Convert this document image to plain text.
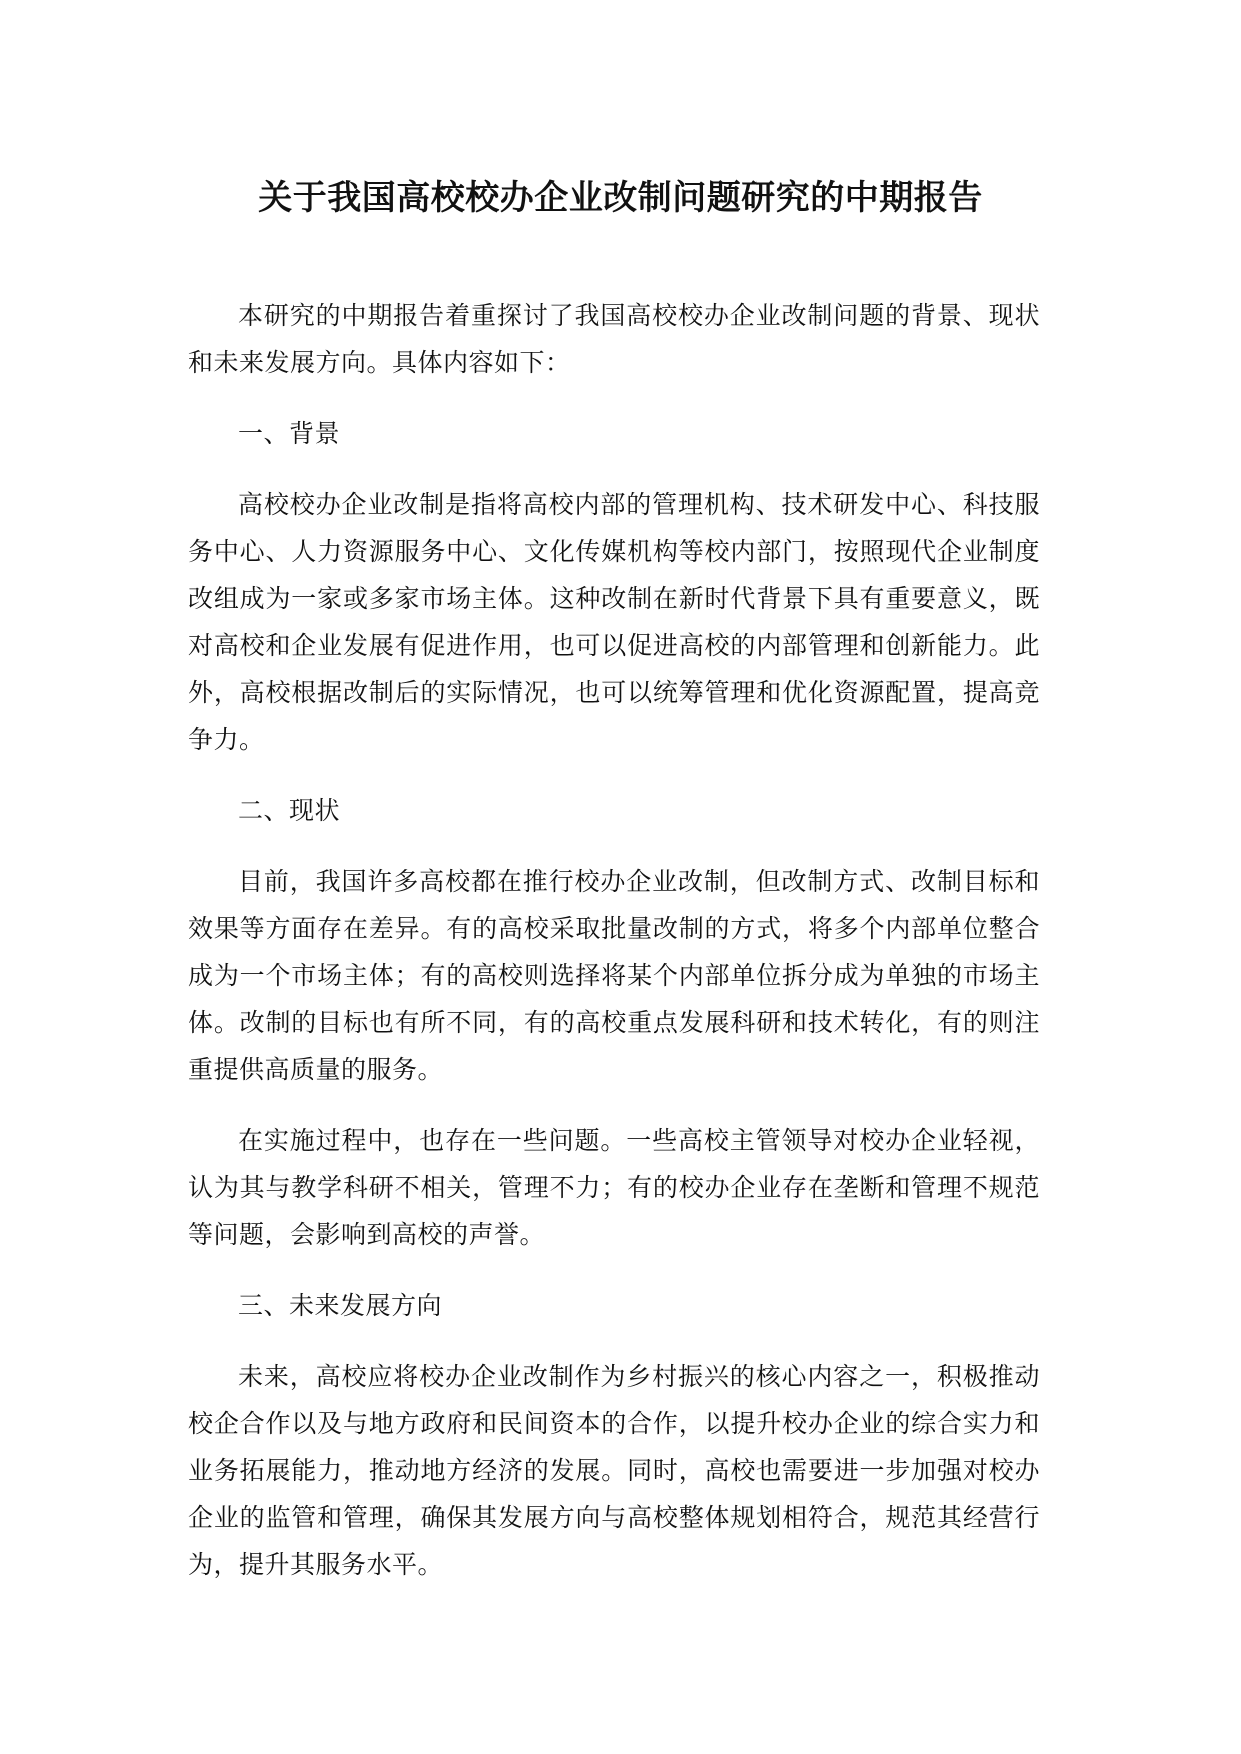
关于我国高校校办企业改制问题研究的中期报告

本研究的中期报告着重探讨了我国高校校办企业改制问题的背景、现状和未来发展方向。具体内容如下：

一、背景

高校校办企业改制是指将高校内部的管理机构、技术研发中心、科技服务中心、人力资源服务中心、文化传媒机构等校内部门，按照现代企业制度改组成为一家或多家市场主体。这种改制在新时代背景下具有重要意义，既对高校和企业发展有促进作用，也可以促进高校的内部管理和创新能力。此外，高校根据改制后的实际情况，也可以统筹管理和优化资源配置，提高竞争力。

二、现状

目前，我国许多高校都在推行校办企业改制，但改制方式、改制目标和效果等方面存在差异。有的高校采取批量改制的方式，将多个内部单位整合成为一个市场主体；有的高校则选择将某个内部单位拆分成为单独的市场主体。改制的目标也有所不同，有的高校重点发展科研和技术转化，有的则注重提供高质量的服务。

在实施过程中，也存在一些问题。一些高校主管领导对校办企业轻视，认为其与教学科研不相关，管理不力；有的校办企业存在垄断和管理不规范等问题，会影响到高校的声誉。

三、未来发展方向

未来，高校应将校办企业改制作为乡村振兴的核心内容之一，积极推动校企合作以及与地方政府和民间资本的合作，以提升校办企业的综合实力和业务拓展能力，推动地方经济的发展。同时，高校也需要进一步加强对校办企业的监管和管理，确保其发展方向与高校整体规划相符合，规范其经营行为，提升其服务水平。
